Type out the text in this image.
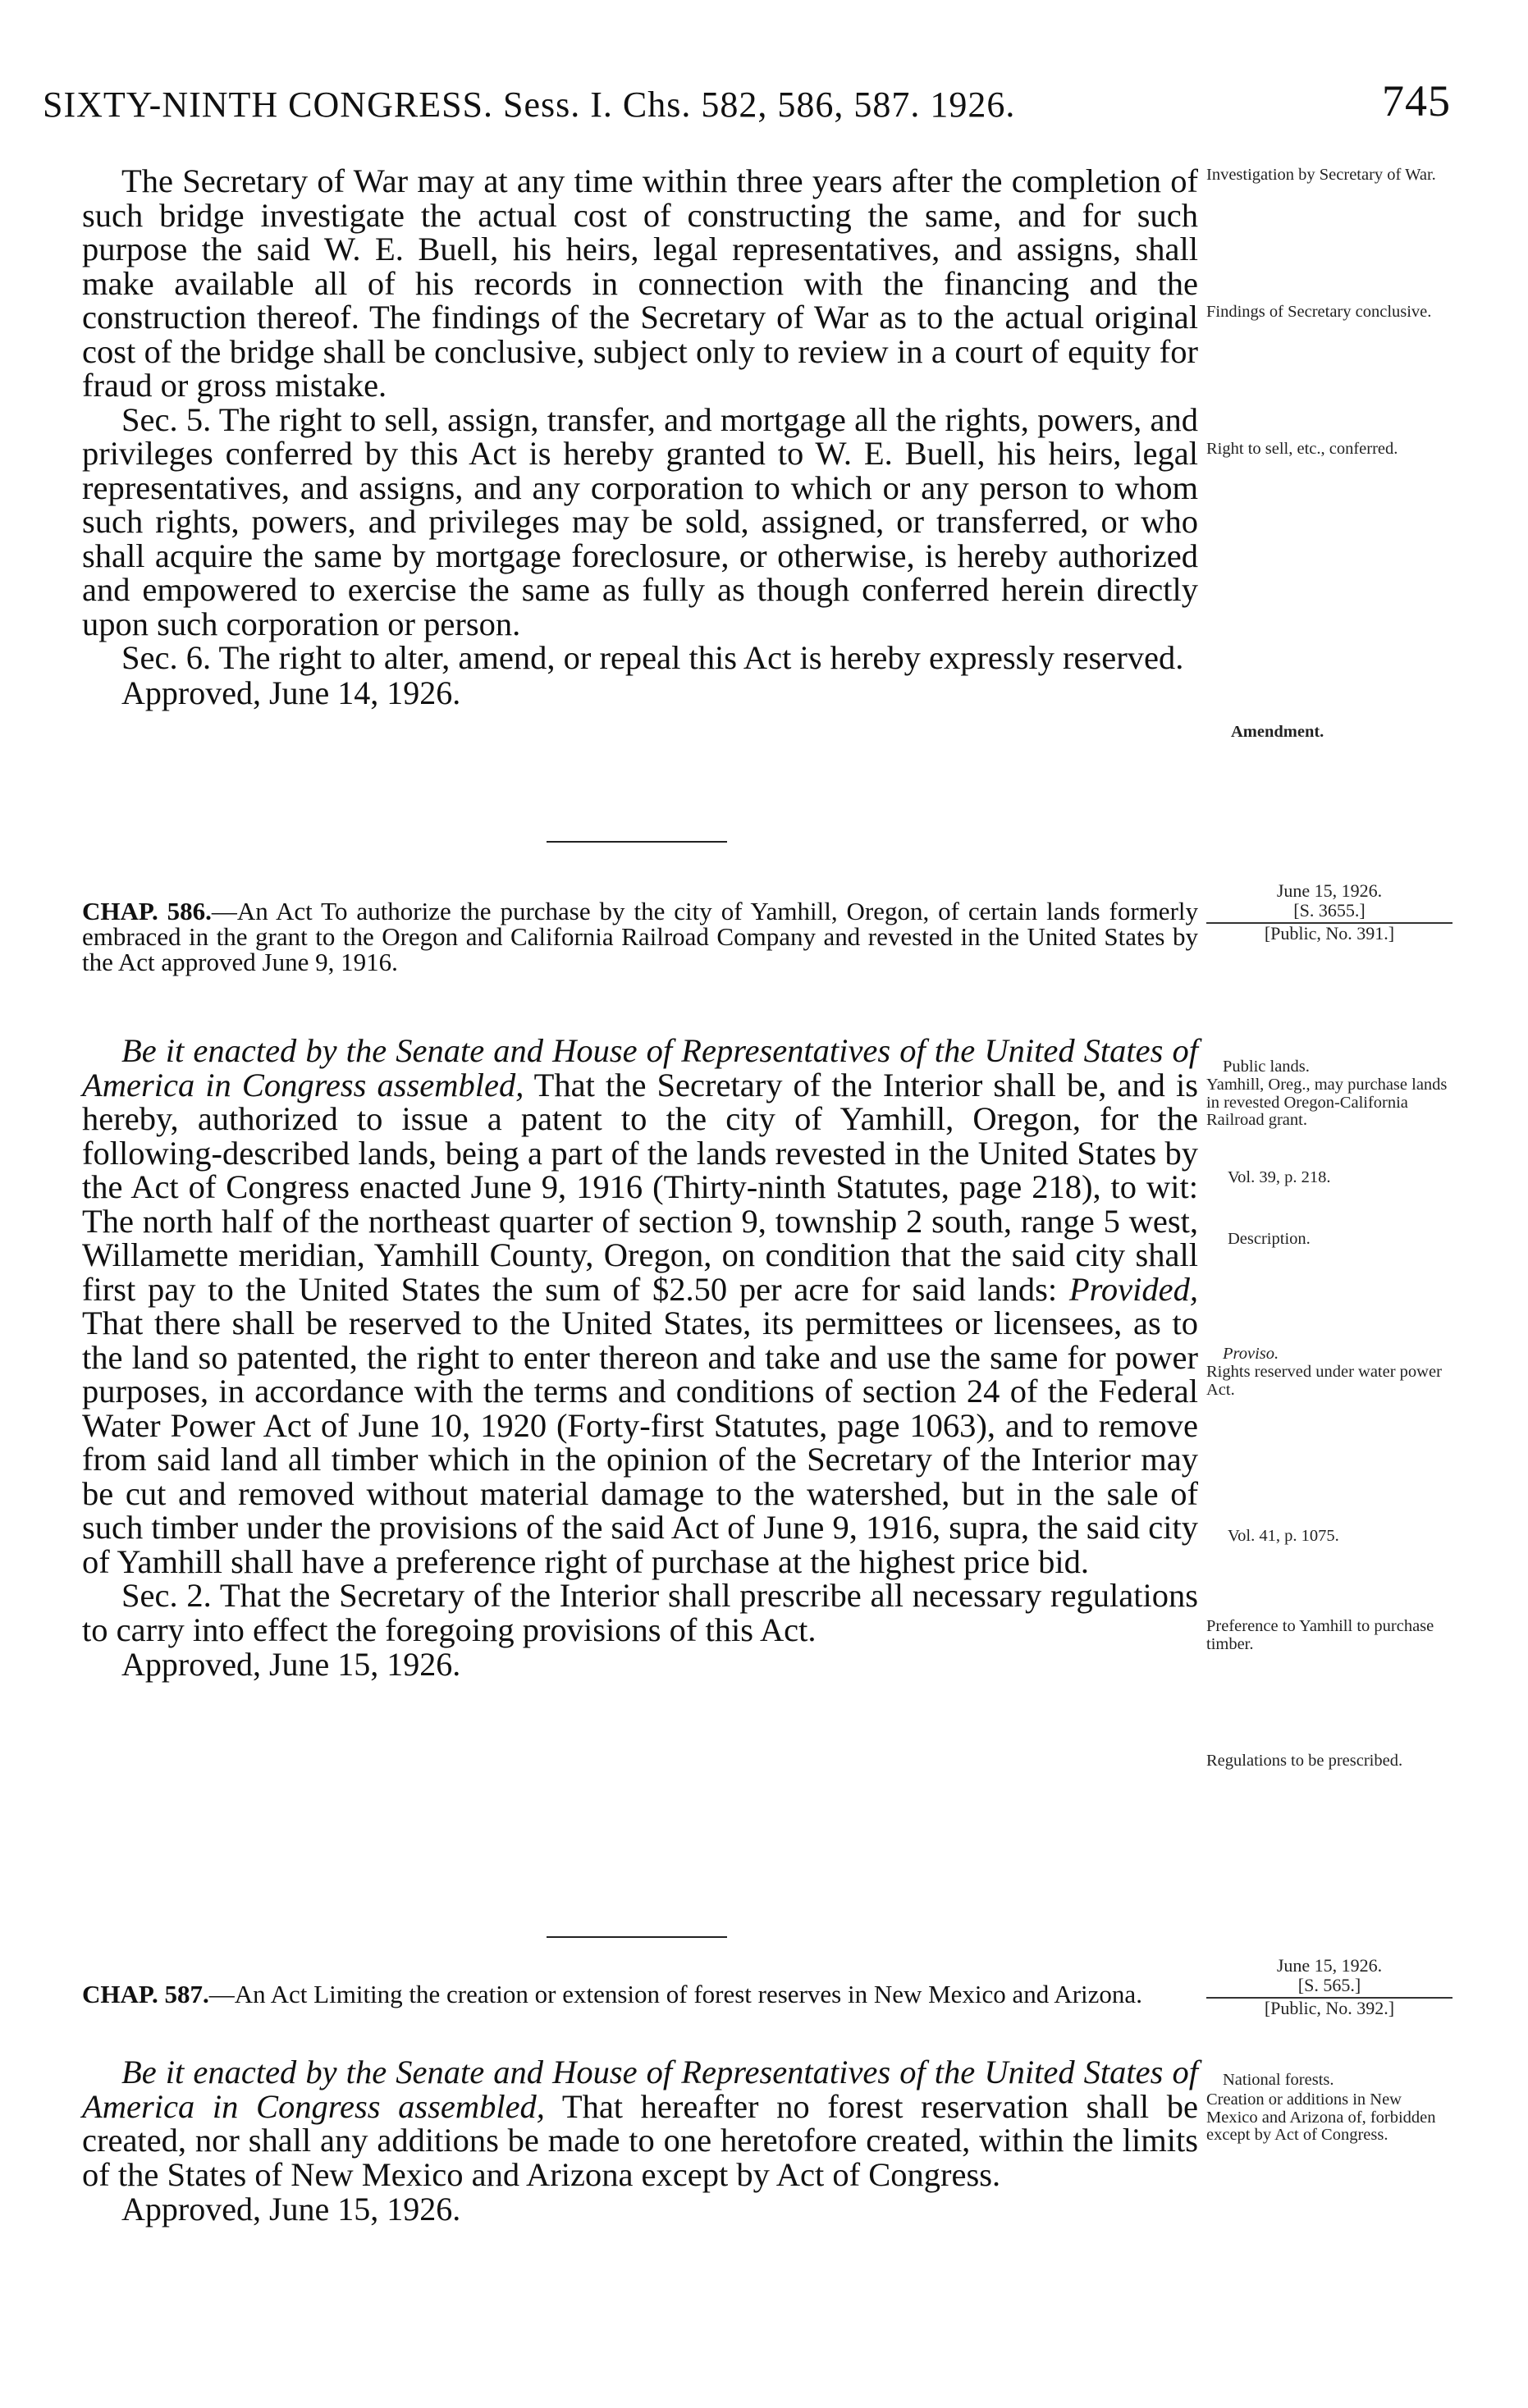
SIXTY-NINTH CONGRESS. Sess. I. Chs. 582, 586, 587. 1926.	745

The Secretary of War may at any time within three years after the completion of such bridge investigate the actual cost of constructing the same, and for such purpose the said W. E. Buell, his heirs, legal representatives, and assigns, shall make available all of his records in connection with the financing and the construction thereof. The findings of the Secretary of War as to the actual original cost of the bridge shall be conclusive, subject only to review in a court of equity for fraud or gross mistake.

Sec. 5. The right to sell, assign, transfer, and mortgage all the rights, powers, and privileges conferred by this Act is hereby granted to W. E. Buell, his heirs, legal representatives, and assigns, and any corporation to which or any person to whom such rights, powers, and privileges may be sold, assigned, or transferred, or who shall acquire the same by mortgage foreclosure, or otherwise, is hereby authorized and empowered to exercise the same as fully as though conferred herein directly upon such corporation or person.

Sec. 6. The right to alter, amend, or repeal this Act is hereby expressly reserved.

Approved, June 14, 1926.

Investigation by Secretary of War.
Findings of Secretary conclusive.
Right to sell, etc., conferred.
Amendment.
CHAP. 586.—An Act To authorize the purchase by the city of Yamhill, Oregon, of certain lands formerly embraced in the grant to the Oregon and California Railroad Company and revested in the United States by the Act approved June 9, 1916.
June 15, 1926.
[S. 3655.]
[Public, No. 391.]

Be it enacted by the Senate and House of Representatives of the United States of America in Congress assembled, That the Secretary of the Interior shall be, and is hereby, authorized to issue a patent to the city of Yamhill, Oregon, for the following-described lands, being a part of the lands revested in the United States by the Act of Congress enacted June 9, 1916 (Thirty-ninth Statutes, page 218), to wit: The north half of the northeast quarter of section 9, township 2 south, range 5 west, Willamette meridian, Yamhill County, Oregon, on condition that the said city shall first pay to the United States the sum of $2.50 per acre for said lands: Provided, That there shall be reserved to the United States, its permittees or licensees, as to the land so patented, the right to enter thereon and take and use the same for power purposes, in accordance with the terms and conditions of section 24 of the Federal Water Power Act of June 10, 1920 (Forty-first Statutes, page 1063), and to remove from said land all timber which in the opinion of the Secretary of the Interior may be cut and removed without material damage to the watershed, but in the sale of such timber under the provisions of the said Act of June 9, 1916, supra, the said city of Yamhill shall have a preference right of purchase at the highest price bid.

Sec. 2. That the Secretary of the Interior shall prescribe all necessary regulations to carry into effect the foregoing provisions of this Act.

Approved, June 15, 1926.

Public lands.
Yamhill, Oreg., may purchase lands in revested Oregon-California Railroad grant.
Vol. 39, p. 218.
Description.
Proviso.
Rights reserved under water power Act.
Vol. 41, p. 1075.
Preference to Yamhill to purchase timber.
Regulations to be prescribed.
CHAP. 587.—An Act Limiting the creation or extension of forest reserves in New Mexico and Arizona.
June 15, 1926.
[S. 565.]
[Public, No. 392.]

Be it enacted by the Senate and House of Representatives of the United States of America in Congress assembled, That hereafter no forest reservation shall be created, nor shall any additions be made to one heretofore created, within the limits of the States of New Mexico and Arizona except by Act of Congress.

Approved, June 15, 1926.

National forests.
Creation or additions in New Mexico and Arizona of, forbidden except by Act of Congress.
